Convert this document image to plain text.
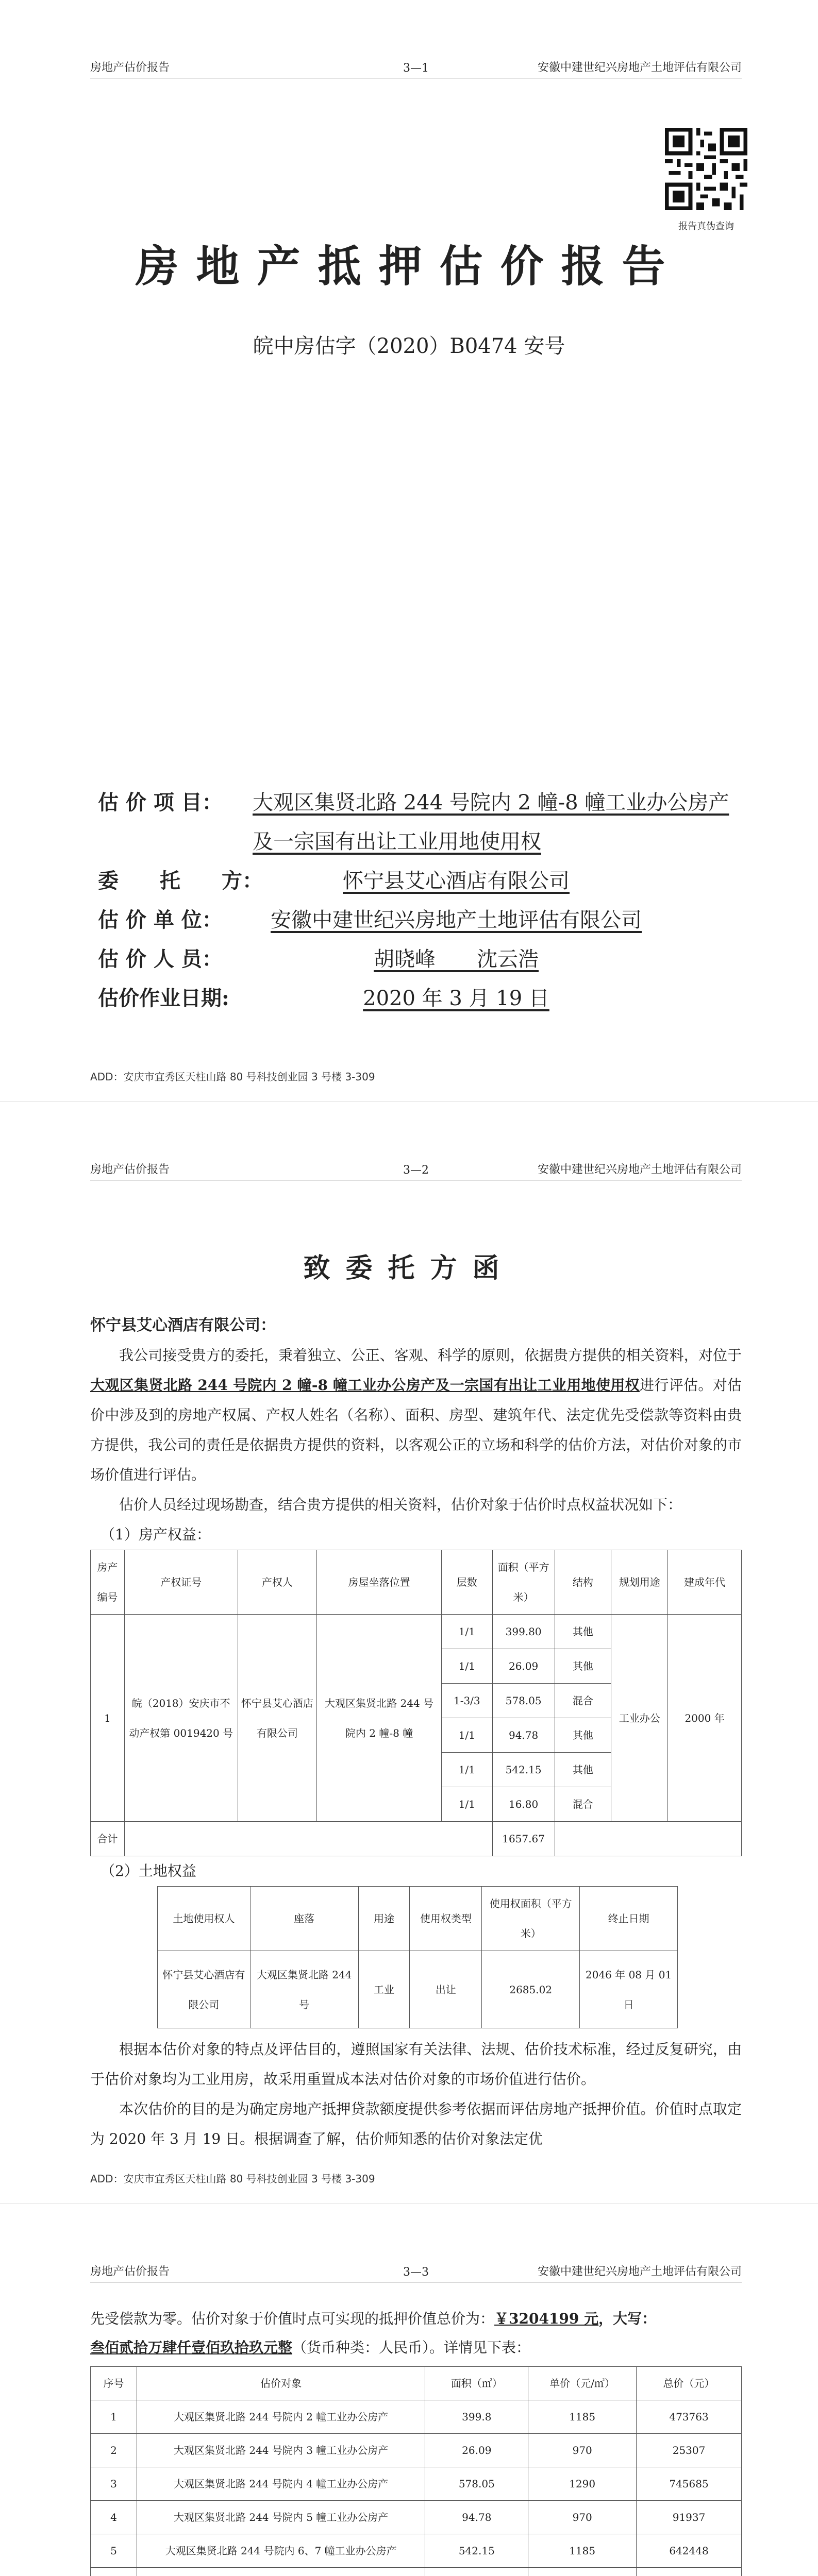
房地产估价报告	3—1	安徽中建世纪兴房地产土地评估有限公司
报告真伪查询
房地产抵押估价报告
皖中房估字（2020）B0474 安号
估 价 项 目：	大观区集贤北路 244 号院内 2 幢-8 幢工业办公房产及一宗国有出让工业用地使用权
委　　托　　方：	怀宁县艾心酒店有限公司
估 价 单 位：	安徽中建世纪兴房地产土地评估有限公司
估 价 人 员：	胡晓峰　　沈云浩
估价作业日期:	2020 年 3 月 19 日
ADD：安庆市宜秀区天柱山路 80 号科技创业园 3 号楼 3-309
房地产估价报告	3—2	安徽中建世纪兴房地产土地评估有限公司
致委托方函
怀宁县艾心酒店有限公司：

我公司接受贵方的委托，秉着独立、公正、客观、科学的原则，依据贵方提供的相关资料，对位于大观区集贤北路 244 号院内 2 幢-8 幢工业办公房产及一宗国有出让工业用地使用权进行评估。对估价中涉及到的房地产权属、产权人姓名（名称）、面积、房型、建筑年代、法定优先受偿款等资料由贵方提供，我公司的责任是依据贵方提供的资料，以客观公正的立场和科学的估价方法，对估价对象的市场价值进行评估。

估价人员经过现场勘查，结合贵方提供的相关资料，估价对象于估价时点权益状况如下：

（1）房产权益：
房产编号	产权证号	产权人	房屋坐落位置	层数	面积（平方米）	结构	规划用途	建成年代
1	皖（2018）安庆市不动产权第 0019420 号	怀宁县艾心酒店有限公司	大观区集贤北路 244 号院内 2 幢-8 幢	1/1	399.80	其他	工业办公	2000 年
				1/1	26.09	其他		
				1-3/3	578.05	混合		
				1/1	94.78	其他		
				1/1	542.15	其他		
				1/1	16.80	混合		
合计					1657.67			
（2）土地权益
土地使用权人	座落	用途	使用权类型	使用权面积（平方米）	终止日期
怀宁县艾心酒店有限公司	大观区集贤北路 244 号	工业	出让	2685.02	2046 年 08 月 01 日

根据本估价对象的特点及评估目的，遵照国家有关法律、法规、估价技术标准，经过反复研究，由于估价对象均为工业用房，故采用重置成本法对估价对象的市场价值进行估价。

本次估价的目的是为确定房地产抵押贷款额度提供参考依据而评估房地产抵押价值。价值时点取定为 2020 年 3 月 19 日。根据调查了解，估价师知悉的估价对象法定优

ADD：安庆市宜秀区天柱山路 80 号科技创业园 3 号楼 3-309
房地产估价报告	3—3	安徽中建世纪兴房地产土地评估有限公司

先受偿款为零。估价对象于价值时点可实现的抵押价值总价为：￥3204199 元，大写：
叁佰贰拾万肆仟壹佰玖拾玖元整（货币种类：人民币）。详情见下表：

序号	估价对象	面积（㎡）	单价（元/㎡）	总价（元）
1	大观区集贤北路 244 号院内 2 幢工业办公房产	399.8	1185	473763
2	大观区集贤北路 244 号院内 3 幢工业办公房产	26.09	970	25307
3	大观区集贤北路 244 号院内 4 幢工业办公房产	578.05	1290	745685
4	大观区集贤北路 244 号院内 5 幢工业办公房产	94.78	970	91937
5	大观区集贤北路 244 号院内 6、7 幢工业办公房产	542.15	1185	642448
